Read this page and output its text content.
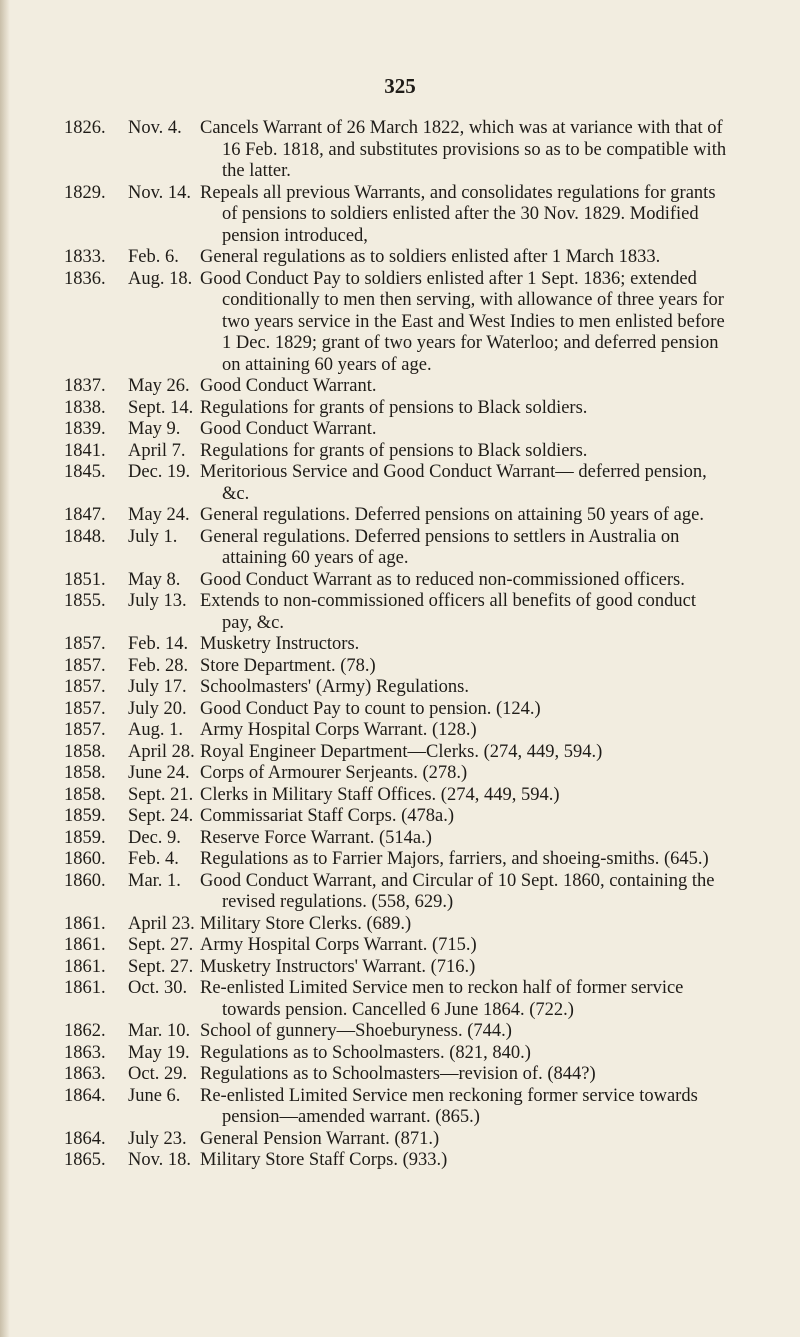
325
1826.	Nov. 4. Cancels Warrant of 26 March 1822, which was at variance with that of 16 Feb. 1818, and substitutes provisions so as to be compatible with the latter.
1829.	Nov. 14. Repeals all previous Warrants, and consolidates regulations for grants of pensions to soldiers enlisted after the 30 Nov. 1829. Modified pension introduced,
1833.	Feb. 6.	General regulations as to soldiers enlisted after 1 March 1833.
1836.	Aug. 18. Good Conduct Pay to soldiers enlisted after 1 Sept. 1836; extended conditionally to men then serving, with allowance of three years for two years service in the East and West Indies to men enlisted before 1 Dec. 1829; grant of two years for Waterloo; and deferred pension on attaining 60 years of age.
1837.	May 26. Good Conduct Warrant.
1838.	Sept. 14. Regulations for grants of pensions to Black soldiers.
1839.	May 9.	Good Conduct Warrant.
1841.	April 7. Regulations for grants of pensions to Black soldiers.
1845.	Dec. 19. Meritorious Service and Good Conduct Warrant— deferred pension, &c.
1847.	May 24. General regulations. Deferred pensions on attaining 50 years of age.
1848.	July 1.	General regulations. Deferred pensions to settlers in Australia on attaining 60 years of age.
1851.	May 8.	Good Conduct Warrant as to reduced non-commissioned officers.
1855.	July 13. Extends to non-commissioned officers all benefits of good conduct pay, &c.
1857.	Feb. 14. Musketry Instructors.
1857.	Feb. 28. Store Department. (78.)
1857.	July 17. Schoolmasters' (Army) Regulations.
1857.	July 20. Good Conduct Pay to count to pension. (124.)
1857.	Aug. 1. Army Hospital Corps Warrant. (128.)
1858.	April 28. Royal Engineer Department—Clerks. (274, 449, 594.)
1858.	June 24. Corps of Armourer Serjeants. (278.)
1858.	Sept. 21. Clerks in Military Staff Offices. (274, 449, 594.)
1859.	Sept. 24. Commissariat Staff Corps. (478a.)
1859.	Dec. 9.	Reserve Force Warrant. (514a.)
1860.	Feb. 4.	Regulations as to Farrier Majors, farriers, and shoeing-smiths. (645.)
1860.	Mar. 1.	Good Conduct Warrant, and Circular of 10 Sept. 1860, containing the revised regulations. (558, 629.)
1861.	April 23. Military Store Clerks. (689.)
1861.	Sept. 27. Army Hospital Corps Warrant. (715.)
1861.	Sept. 27. Musketry Instructors' Warrant. (716.)
1861.	Oct. 30. Re-enlisted Limited Service men to reckon half of former service towards pension. Cancelled 6 June 1864. (722.)
1862.	Mar. 10. School of gunnery—Shoeburyness. (744.)
1863.	May 19. Regulations as to Schoolmasters. (821, 840.)
1863.	Oct. 29. Regulations as to Schoolmasters—revision of. (844?)
1864.	June 6.	Re-enlisted Limited Service men reckoning former service towards pension—amended warrant. (865.)
1864.	July 23. General Pension Warrant. (871.)
1865.	Nov. 18. Military Store Staff Corps. (933.)
